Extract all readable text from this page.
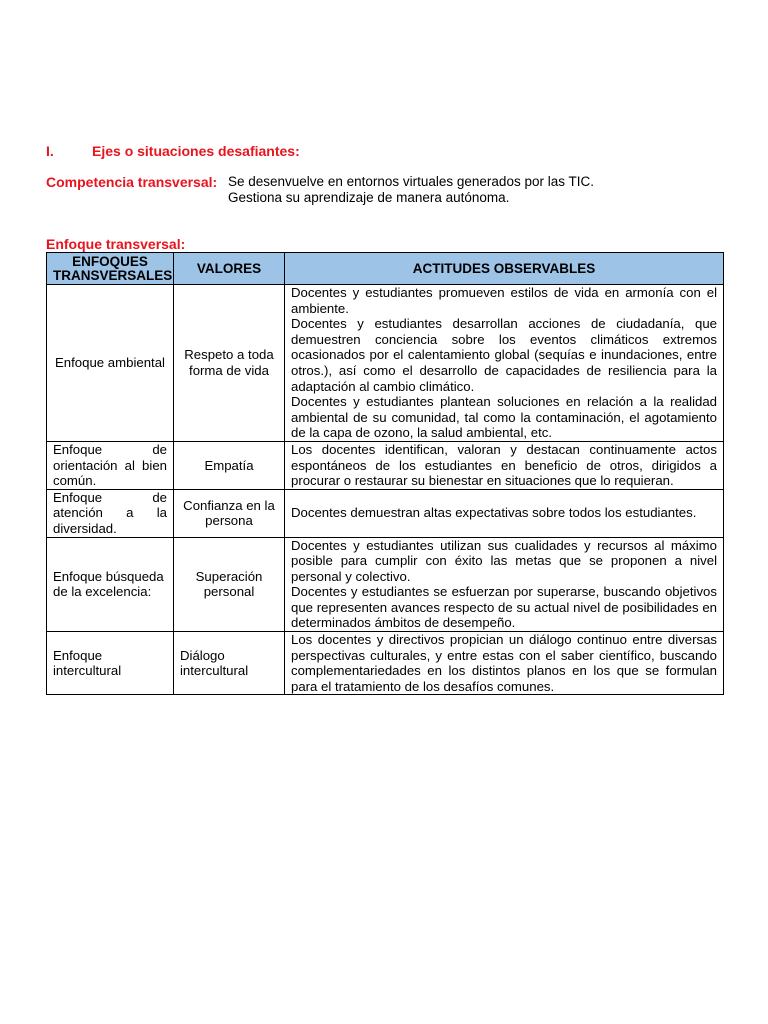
I.	Ejes o situaciones desafiantes:
Competencia transversal: Se desenvuelve en entornos virtuales generados por las TIC.
Gestiona su aprendizaje de manera autónoma.
Enfoque transversal:
ENFOQUES TRANSVERSALES	VALORES	ACTITUDES OBSERVABLES
Enfoque ambiental	Respeto a toda forma de vida	Docentes y estudiantes promueven estilos de vida en armonía con el ambiente.
Docentes y estudiantes desarrollan acciones de ciudadanía, que demuestren conciencia sobre los eventos climáticos extremos ocasionados por el calentamiento global (sequías e inundaciones, entre otros.), así como el desarrollo de capacidades de resiliencia para la adaptación al cambio climático.
Docentes y estudiantes plantean soluciones en relación a la realidad ambiental de su comunidad, tal como la contaminación, el agotamiento de la capa de ozono, la salud ambiental, etc.

Enfoque de orientación al bien común.	Empatía	Los docentes identifican, valoran y destacan continuamente actos espontáneos de los estudiantes en beneficio de otros, dirigidos a procurar o restaurar su bienestar en situaciones que lo requieran.

Enfoque de atención a la diversidad.	Confianza en la persona	Docentes demuestran altas expectativas sobre todos los estudiantes.

Enfoque búsqueda de la excelencia:	Superación personal	Docentes y estudiantes utilizan sus cualidades y recursos al máximo posible para cumplir con éxito las metas que se proponen a nivel personal y colectivo.
Docentes y estudiantes se esfuerzan por superarse, buscando objetivos que representen avances respecto de su actual nivel de posibilidades en determinados ámbitos de desempeño.

Enfoque intercultural	Diálogo intercultural	Los docentes y directivos propician un diálogo continuo entre diversas perspectivas culturales, y entre estas con el saber científico, buscando complementariedades en los distintos planos en los que se formulan para el tratamiento de los desafíos comunes.
